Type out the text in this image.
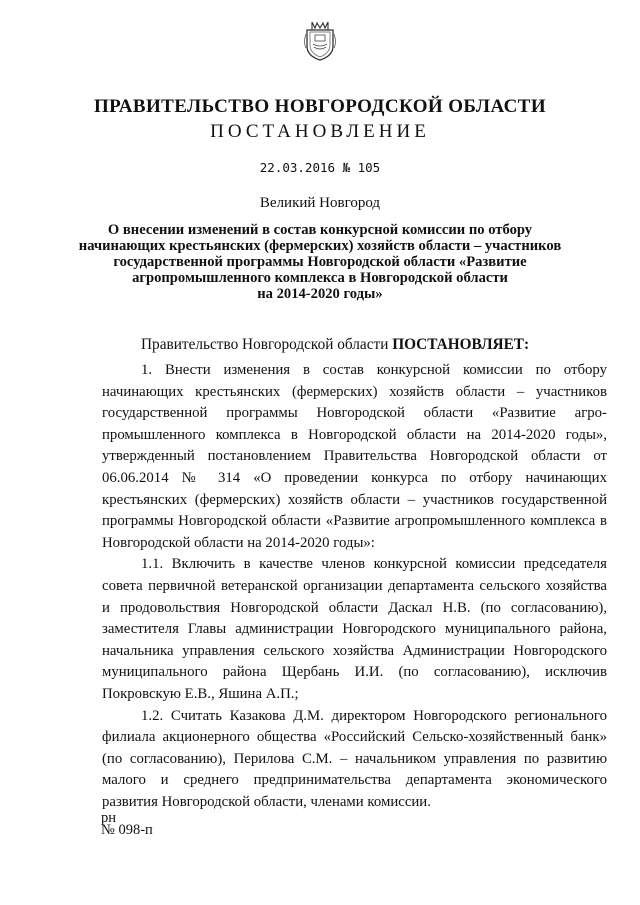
ПРАВИТЕЛЬСТВО НОВГОРОДСКОЙ ОБЛАСТИ
ПОСТАНОВЛЕНИЕ
22.03.2016 № 105
Великий Новгород
О внесении изменений в состав конкурсной комиссии по отбору
начинающих крестьянских (фермерских) хозяйств области – участников
государственной программы Новгородской области «Развитие
агропромышленного комплекса в Новгородской области
на 2014-2020 годы»
Правительство Новгородской области ПОСТАНОВЛЯЕТ:

1. Внести изменения в состав конкурсной комиссии по отбору начинающих крестьянских (фермерских) хозяйств области – участников государственной программы Новгородской области «Развитие агро-промышленного комплекса в Новгородской области на 2014-2020 годы», утвержденный постановлением Правительства Новгородской области от 06.06.2014 № 314 «О проведении конкурса по отбору начинающих крестьянских (фермерских) хозяйств области – участников государственной программы Новгородской области «Развитие агропромышленного комплекса в Новгородской области на 2014-2020 годы»:

1.1. Включить в качестве членов конкурсной комиссии председателя совета первичной ветеранской организации департамента сельского хозяйства и продовольствия Новгородской области Даскал Н.В. (по согласованию), заместителя Главы администрации Новгородского муниципального района, начальника управления сельского хозяйства Администрации Новгородского муниципального района Щербань И.И. (по согласованию), исключив Покровскую Е.В., Яшина А.П.;

1.2. Считать Казакова Д.М. директором Новгородского регионального филиала акционерного общества «Российский Сельско-хозяйственный банк» (по согласованию), Перилова С.М. – начальником управления по развитию малого и среднего предпринимательства департамента экономического развития Новгородской области, членами комиссии.

рн
№ 098-п
